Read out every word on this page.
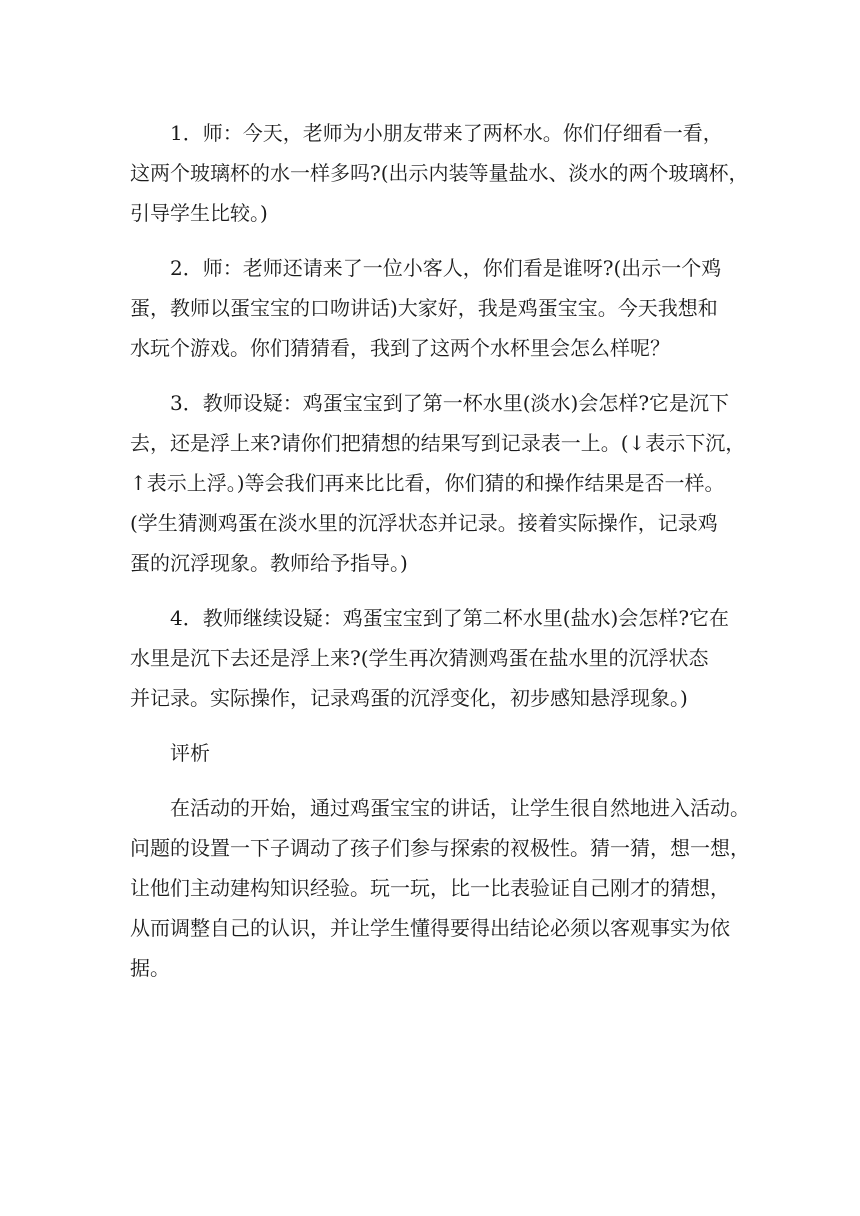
1．师：今天，老师为小朋友带来了两杯水。你们仔细看一看，
这两个玻璃杯的水一样多吗?(出示内装等量盐水、淡水的两个玻璃杯，
引导学生比较。)
2．师：老师还请来了一位小客人，你们看是谁呀?(出示一个鸡
蛋，教师以蛋宝宝的口吻讲话)大家好，我是鸡蛋宝宝。今天我想和
水玩个游戏。你们猜猜看，我到了这两个水杯里会怎么样呢？
3．教师设疑：鸡蛋宝宝到了第一杯水里(淡水)会怎样?它是沉下
去，还是浮上来?请你们把猜想的结果写到记录表一上。(↓表示下沉，
↑表示上浮。)等会我们再来比比看，你们猜的和操作结果是否一样。
(学生猜测鸡蛋在淡水里的沉浮状态并记录。接着实际操作，记录鸡
蛋的沉浮现象。教师给予指导。)
4．教师继续设疑：鸡蛋宝宝到了第二杯水里(盐水)会怎样?它在
水里是沉下去还是浮上来?(学生再次猜测鸡蛋在盐水里的沉浮状态
并记录。实际操作，记录鸡蛋的沉浮变化，初步感知悬浮现象。)
评析
在活动的开始，通过鸡蛋宝宝的讲话，让学生很自然地进入活动。
问题的设置一下子调动了孩子们参与探索的衩极性。猜一猜，想一想，
让他们主动建构知识经验。玩一玩，比一比表验证自己刚才的猜想，
从而调整自己的认识，并让学生懂得要得出结论必须以客观事实为依
据。
